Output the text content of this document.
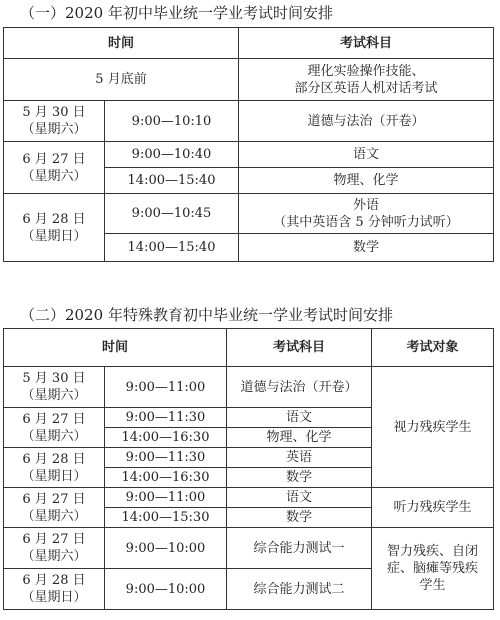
（一）2020 年初中毕业统一学业考试时间安排
时间		考试科目

5 月底前		理化实验操作技能、
部分区英语人机对话考试

5 月 30 日
（星期六）	9:00—10:10	道德与法治（开卷）

6 月 27 日
（星期六）	9:00—10:40	语文
	14:00—15:40	物理、化学

6 月 28 日
（星期日）	9:00—10:45	外语
（其中英语含 5 分钟听力试听）

	14:00—15:40	数学
（二）2020 年特殊教育初中毕业统一学业考试时间安排
时间		考试科目	考试对象

5 月 30 日
（星期六）	9:00—11:00	道德与法治（开卷）	视力残疾学生

6 月 27 日
（星期六）	9:00—11:30	语文	
	14:00—16:30	物理、化学	

6 月 28 日
（星期日）	9:00—11:30	英语	
	14:00—16:30	数学	

6 月 27 日
（星期六）	9:00—11:00	语文	听力残疾学生

	14:00—15:30	数学	

6 月 27 日
（星期六）	9:00—10:00	综合能力测试一	智力残疾、自闭
症、脑瘫等残疾
学生

6 月 28 日
（星期日）	9:00—10:00	综合能力测试二	
